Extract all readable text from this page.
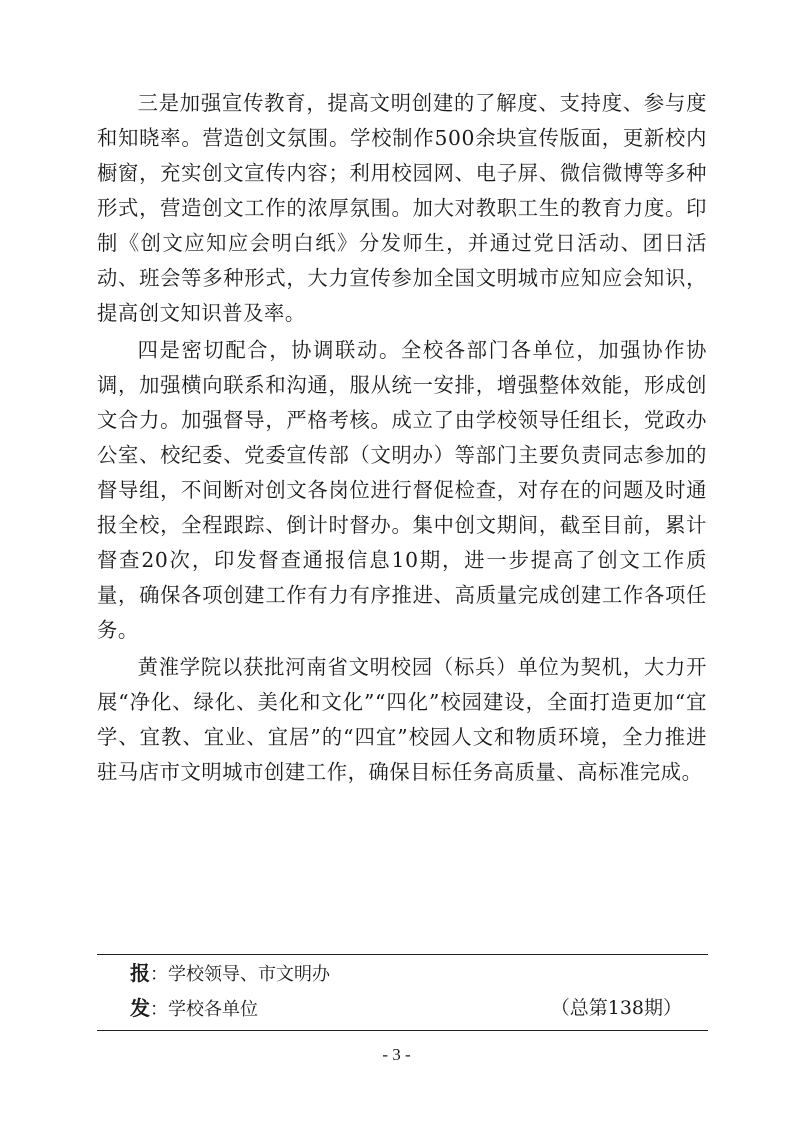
三是加强宣传教育，提高文明创建的了解度、支持度、参与度和知晓率。营造创文氛围。学校制作500余块宣传版面，更新校内橱窗，充实创文宣传内容；利用校园网、电子屏、微信微博等多种形式，营造创文工作的浓厚氛围。加大对教职工生的教育力度。印制《创文应知应会明白纸》分发师生，并通过党日活动、团日活动、班会等多种形式，大力宣传参加全国文明城市应知应会知识，提高创文知识普及率。

四是密切配合，协调联动。全校各部门各单位，加强协作协调，加强横向联系和沟通，服从统一安排，增强整体效能，形成创文合力。加强督导，严格考核。成立了由学校领导任组长，党政办公室、校纪委、党委宣传部（文明办）等部门主要负责同志参加的督导组，不间断对创文各岗位进行督促检查，对存在的问题及时通报全校，全程跟踪、倒计时督办。集中创文期间，截至目前，累计督查20次，印发督查通报信息10期，进一步提高了创文工作质量，确保各项创建工作有力有序推进、高质量完成创建工作各项任务。

黄淮学院以获批河南省文明校园（标兵）单位为契机，大力开展“净化、绿化、美化和文化”“四化”校园建设，全面打造更加“宜学、宜教、宜业、宜居”的“四宜”校园人文和物质环境，全力推进驻马店市文明城市创建工作，确保目标任务高质量、高标准完成。

报：学校领导、市文明办
发：学校各单位	（总第138期）
- 3 -
